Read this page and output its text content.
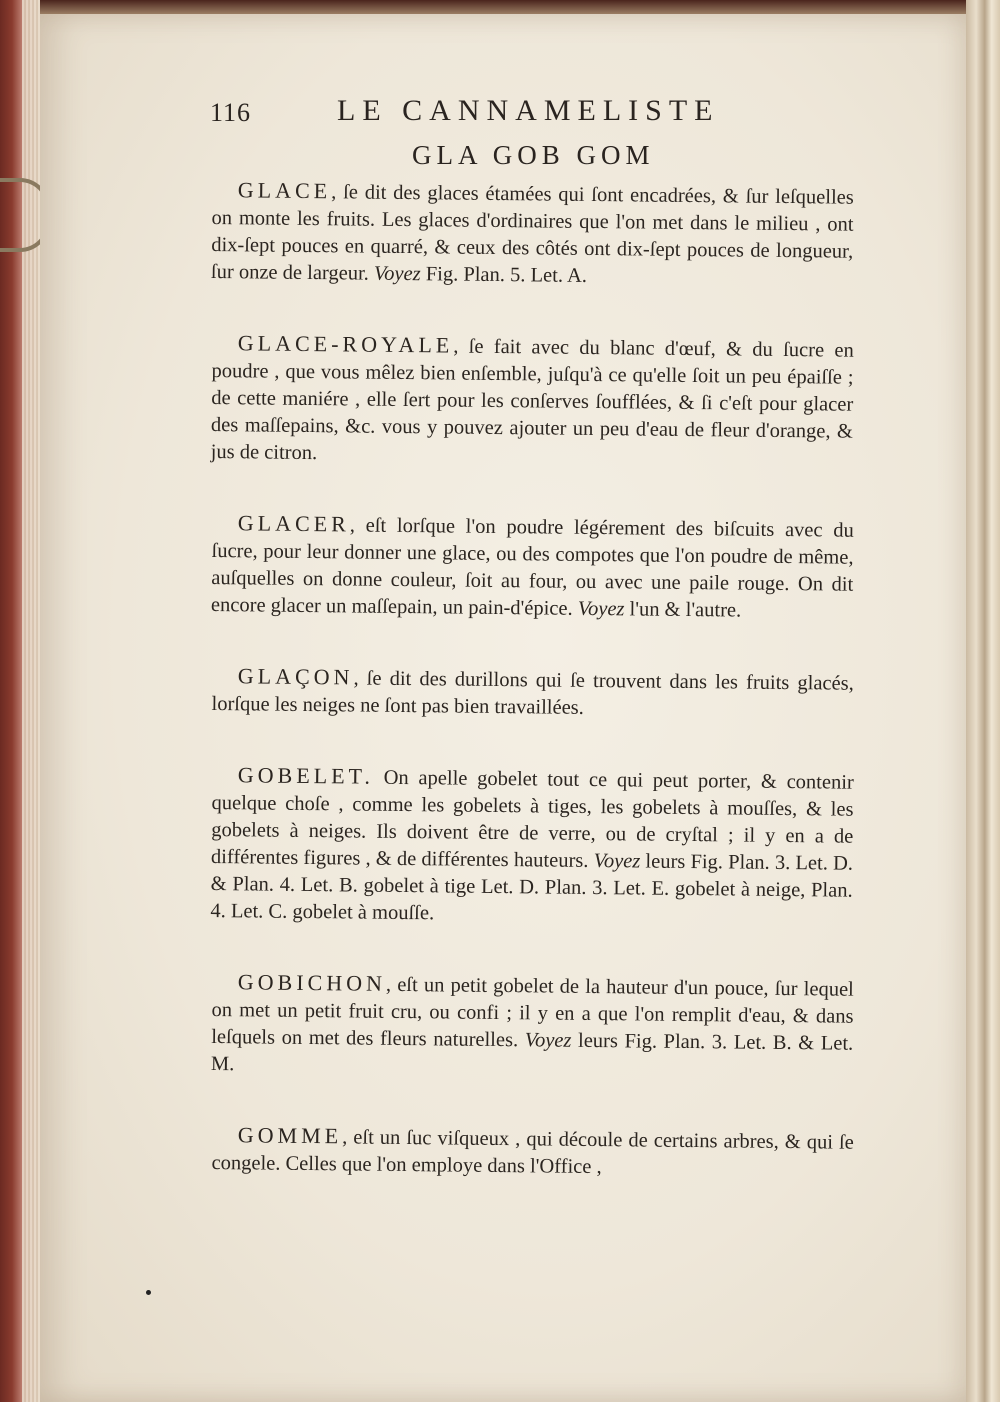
116	LE CANNAMELISTE
GLA GOB GOM

GLACE, ſe dit des glaces étamées qui ſont encadrées, & ſur leſquelles on monte les fruits. Les glaces d'ordinaires que l'on met dans le milieu , ont dix-ſept pouces en quarré, & ceux des côtés ont dix-ſept pouces de longueur, ſur onze de largeur. Voyez Fig. Plan. 5. Let. A.

GLACE-ROYALE, ſe fait avec du blanc d'œuf, & du ſucre en poudre , que vous mêlez bien enſemble, juſqu'à ce qu'elle ſoit un peu épaiſſe ; de cette maniére , elle ſert pour les conſerves ſoufflées, & ſi c'eſt pour glacer des maſſepains, &c. vous y pouvez ajouter un peu d'eau de fleur d'orange, & jus de citron.

GLACER, eſt lorſque l'on poudre légérement des biſcuits avec du ſucre, pour leur donner une glace, ou des compotes que l'on poudre de même, auſquelles on donne couleur, ſoit au four, ou avec une paile rouge. On dit encore glacer un maſſepain, un pain-d'épice. Voyez l'un & l'autre.

GLAÇON, ſe dit des durillons qui ſe trouvent dans les fruits glacés, lorſque les neiges ne ſont pas bien travaillées.

GOBELET. On apelle gobelet tout ce qui peut porter, & contenir quelque choſe , comme les gobelets à tiges, les gobelets à mouſſes, & les gobelets à neiges. Ils doivent être de verre, ou de cryſtal ; il y en a de différentes figures , & de différentes hauteurs. Voyez leurs Fig. Plan. 3. Let. D. & Plan. 4. Let. B. gobelet à tige Let. D. Plan. 3. Let. E. gobelet à neige, Plan. 4. Let. C. gobelet à mouſſe.

GOBICHON, eſt un petit gobelet de la hauteur d'un pouce, ſur lequel on met un petit fruit cru, ou confi ; il y en a que l'on remplit d'eau, & dans leſquels on met des fleurs naturelles. Voyez leurs Fig. Plan. 3. Let. B. & Let. M.

GOMME, eſt un ſuc viſqueux , qui découle de certains arbres, & qui ſe congele. Celles que l'on employe dans l'Office ,
